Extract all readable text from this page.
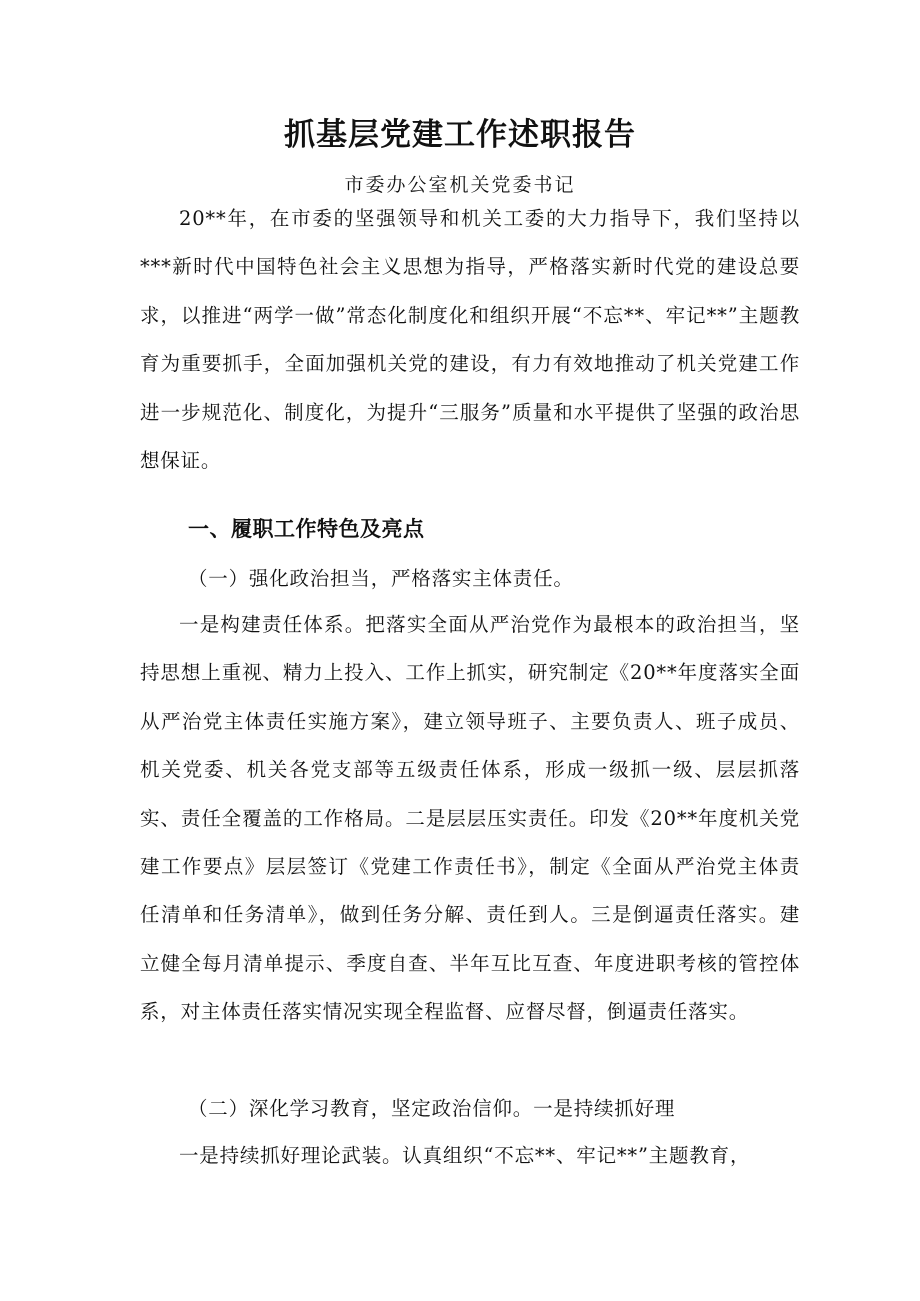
抓基层党建工作述职报告

市委办公室机关党委书记

20**年，在市委的坚强领导和机关工委的大力指导下，我们坚持以***新时代中国特色社会主义思想为指导，严格落实新时代党的建设总要求，以推进“两学一做”常态化制度化和组织开展“不忘**、牢记**”主题教育为重要抓手，全面加强机关党的建设，有力有效地推动了机关党建工作进一步规范化、制度化，为提升“三服务”质量和水平提供了坚强的政治思想保证。

一、履职工作特色及亮点

（一）强化政治担当，严格落实主体责任。

一是构建责任体系。把落实全面从严治党作为最根本的政治担当，坚持思想上重视、精力上投入、工作上抓实，研究制定《20**年度落实全面从严治党主体责任实施方案》，建立领导班子、主要负责人、班子成员、机关党委、机关各党支部等五级责任体系，形成一级抓一级、层层抓落实、责任全覆盖的工作格局。二是层层压实责任。印发《20**年度机关党建工作要点》层层签订《党建工作责任书》，制定《全面从严治党主体责任清单和任务清单》，做到任务分解、责任到人。三是倒逼责任落实。建立健全每月清单提示、季度自查、半年互比互查、年度进职考核的管控体系，对主体责任落实情况实现全程监督、应督尽督，倒逼责任落实。

（二）深化学习教育，坚定政治信仰。一是持续抓好理

一是持续抓好理论武装。认真组织“不忘**、牢记**”主题教育，
